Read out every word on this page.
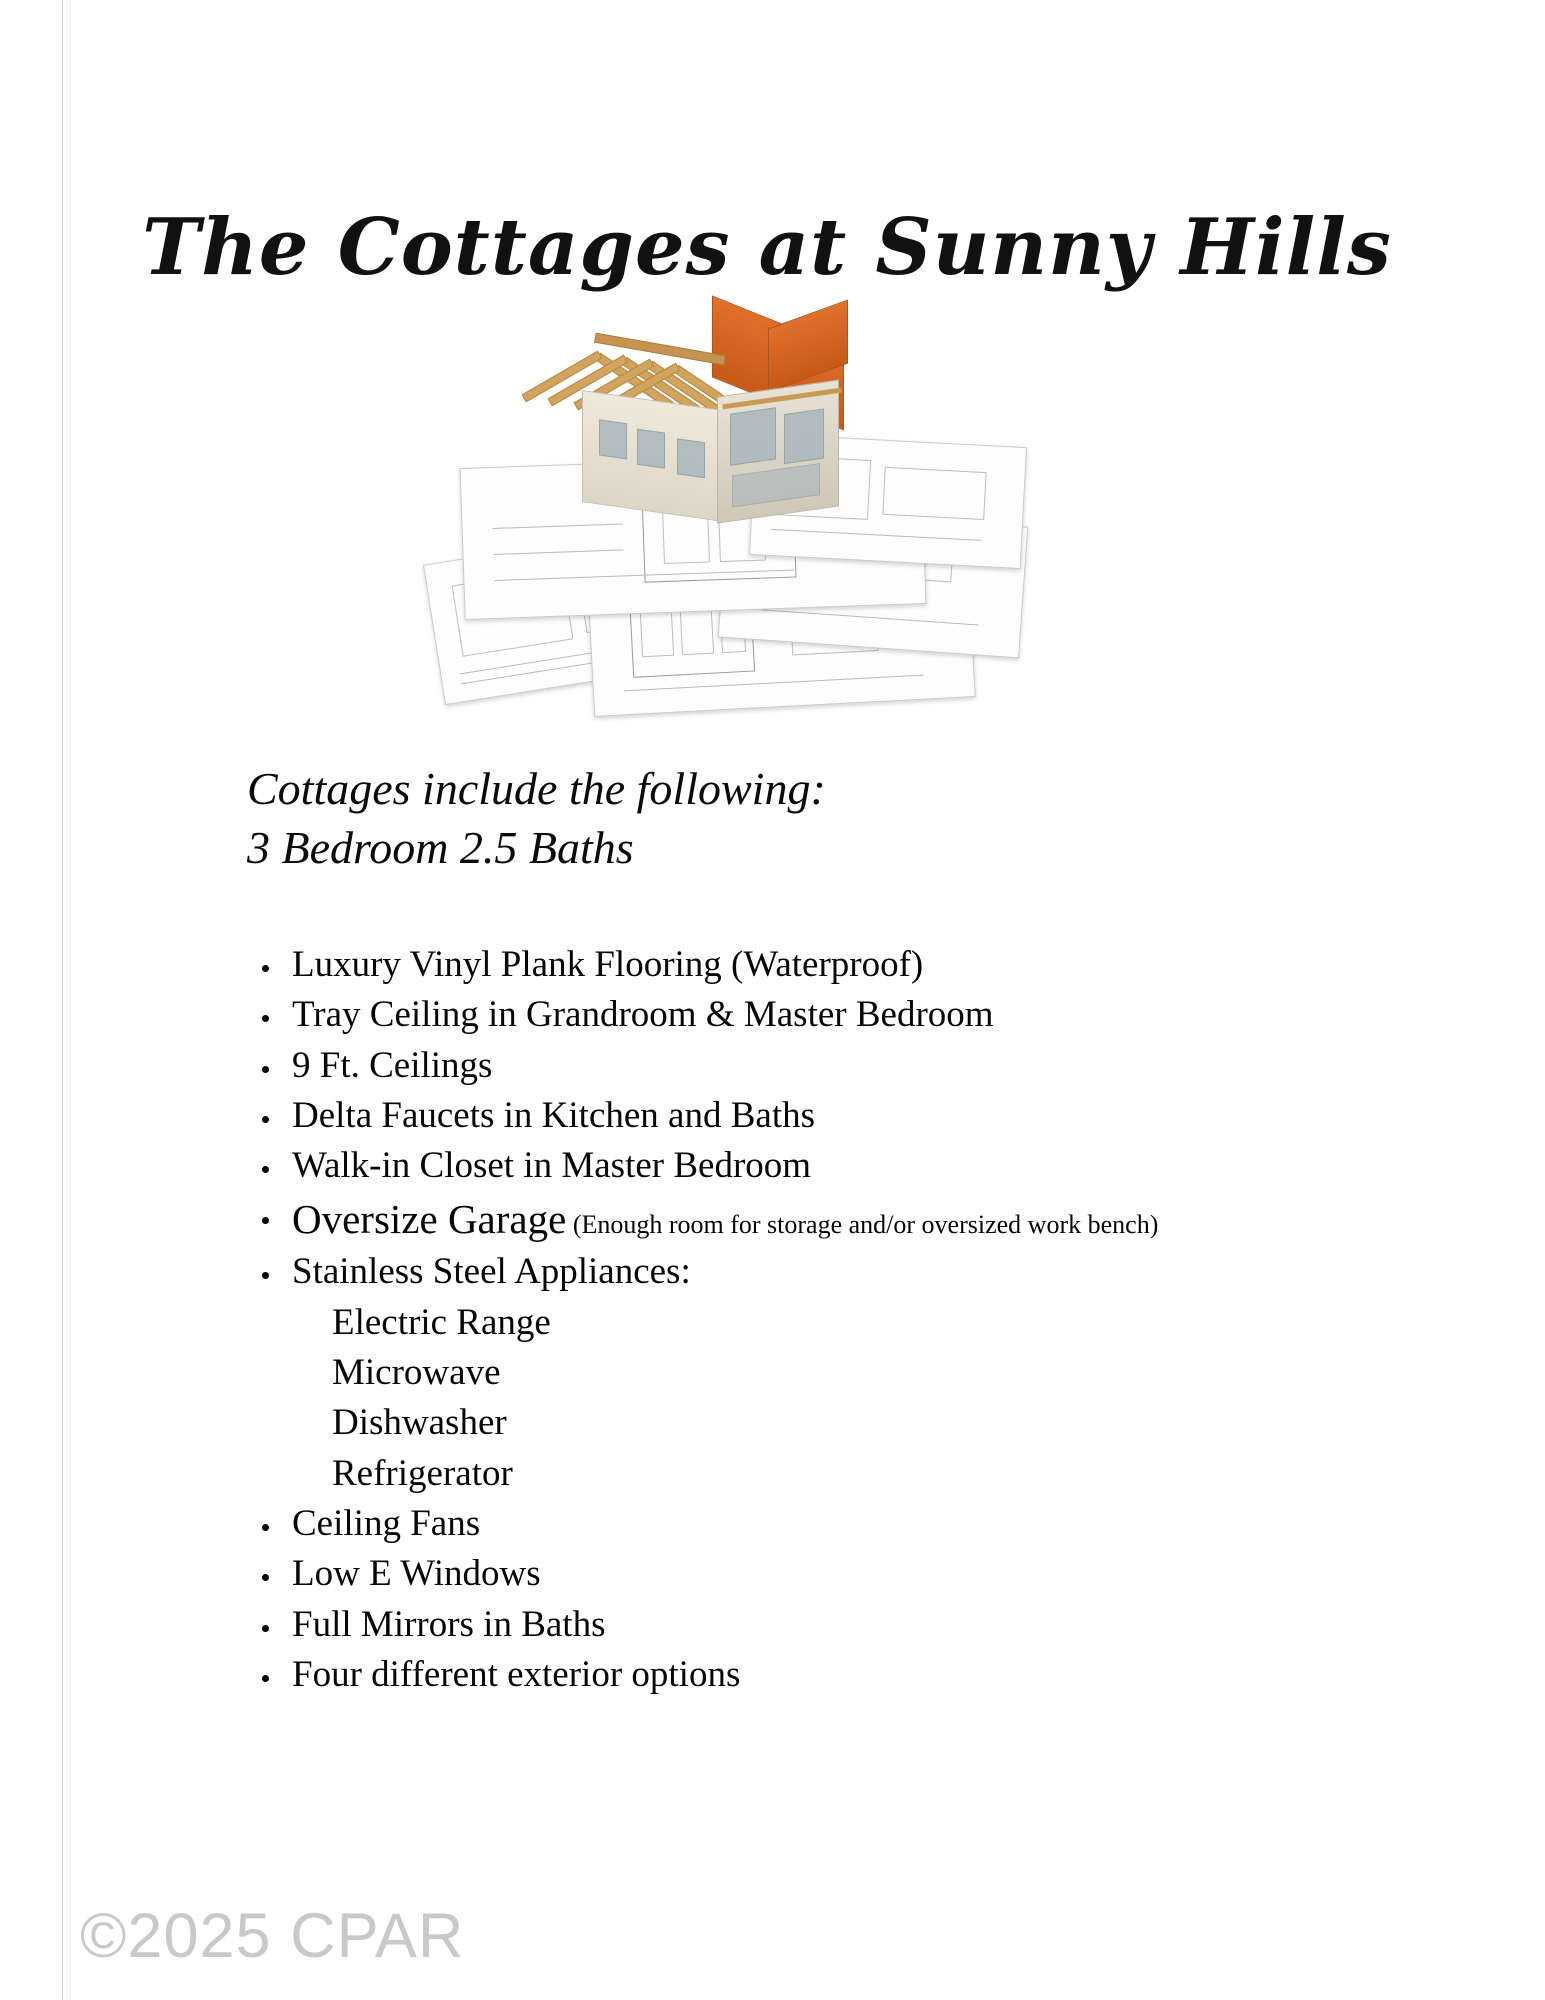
The Cottages at Sunny Hills
Cottages include the following:
3 Bedroom 2.5 Baths
Luxury Vinyl Plank Flooring (Waterproof)
Tray Ceiling in Grandroom & Master Bedroom
9 Ft. Ceilings
Delta Faucets in Kitchen and Baths
Walk-in Closet in Master Bedroom
Oversize Garage (Enough room for storage and/or oversized work bench)
Stainless Steel Appliances:
Electric Range
Microwave
Dishwasher
Refrigerator
Ceiling Fans
Low E Windows
Full Mirrors in Baths
Four different exterior options
©2025 CPAR
